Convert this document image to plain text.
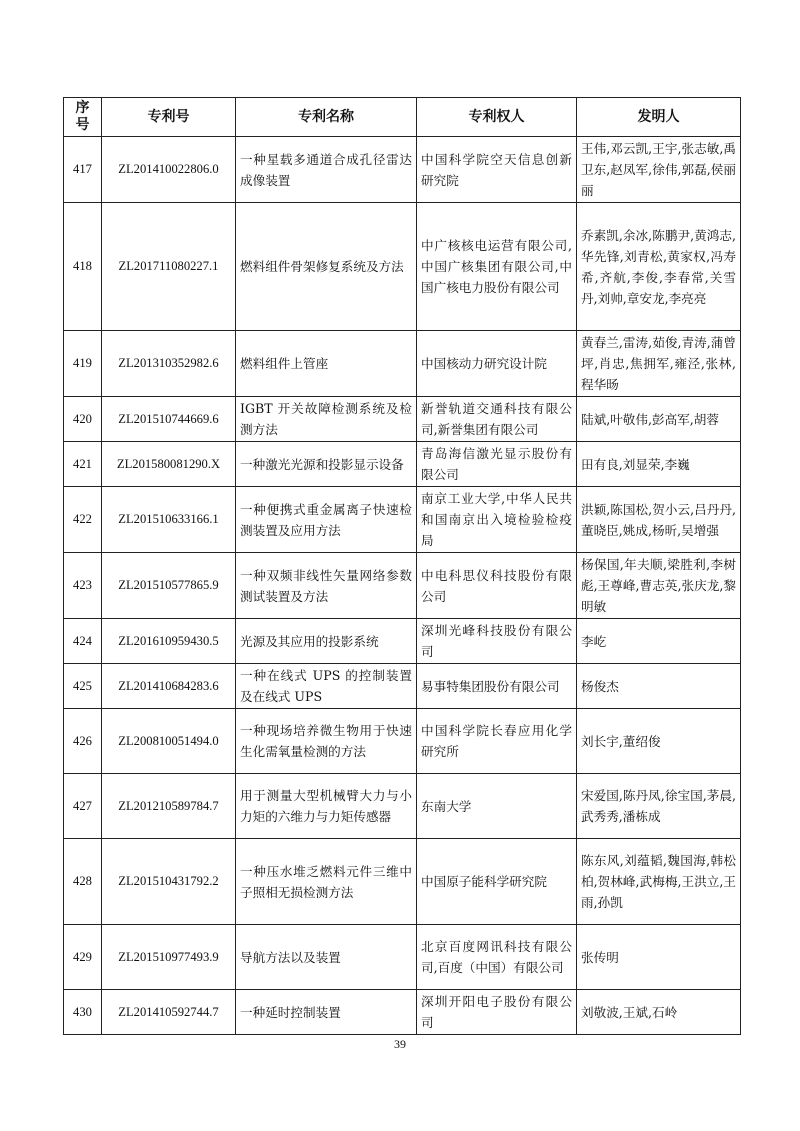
序号	专利号	专利名称	专利权人	发明人
417	ZL201410022806.0	一种星载多通道合成孔径雷达成像装置	中国科学院空天信息创新研究院	王伟,邓云凯,王宇,张志敏,禹卫东,赵凤军,徐伟,郭磊,侯丽丽
418	ZL201711080227.1	燃料组件骨架修复系统及方法	中广核核电运营有限公司,中国广核集团有限公司,中国广核电力股份有限公司	乔素凯,余冰,陈鹏尹,黄鸿志,华先锋,刘青松,黄家权,冯寿希,齐航,李俊,李春常,关雪丹,刘帅,章安龙,李亮亮
419	ZL201310352982.6	燃料组件上管座	中国核动力研究设计院	黄春兰,雷涛,茹俊,青涛,蒲曾坪,肖忠,焦拥军,雍泾,张林,程华旸
420	ZL201510744669.6	IGBT 开关故障检测系统及检测方法	新誉轨道交通科技有限公司,新誉集团有限公司	陆斌,叶敬伟,彭高军,胡蓉
421	ZL201580081290.X	一种激光光源和投影显示设备	青岛海信激光显示股份有限公司	田有良,刘显荣,李巍
422	ZL201510633166.1	一种便携式重金属离子快速检测装置及应用方法	南京工业大学,中华人民共和国南京出入境检验检疫局	洪颖,陈国松,贺小云,吕丹丹,董晓臣,姚成,杨昕,吴增强
423	ZL201510577865.9	一种双频非线性矢量网络参数测试装置及方法	中电科思仪科技股份有限公司	杨保国,年夫顺,梁胜利,李树彪,王尊峰,曹志英,张庆龙,黎明敏
424	ZL201610959430.5	光源及其应用的投影系统	深圳光峰科技股份有限公司	李屹
425	ZL201410684283.6	一种在线式 UPS 的控制装置及在线式 UPS	易事特集团股份有限公司	杨俊杰
426	ZL200810051494.0	一种现场培养微生物用于快速生化需氧量检测的方法	中国科学院长春应用化学研究所	刘长宇,董绍俊
427	ZL201210589784.7	用于测量大型机械臂大力与小力矩的六维力与力矩传感器	东南大学	宋爱国,陈丹凤,徐宝国,茅晨,武秀秀,潘栋成
428	ZL201510431792.2	一种压水堆乏燃料元件三维中子照相无损检测方法	中国原子能科学研究院	陈东风,刘蕴韬,魏国海,韩松柏,贺林峰,武梅梅,王洪立,王雨,孙凯
429	ZL201510977493.9	导航方法以及装置	北京百度网讯科技有限公司,百度（中国）有限公司	张传明
430	ZL201410592744.7	一种延时控制装置	深圳开阳电子股份有限公司	刘敬波,王斌,石岭
39
